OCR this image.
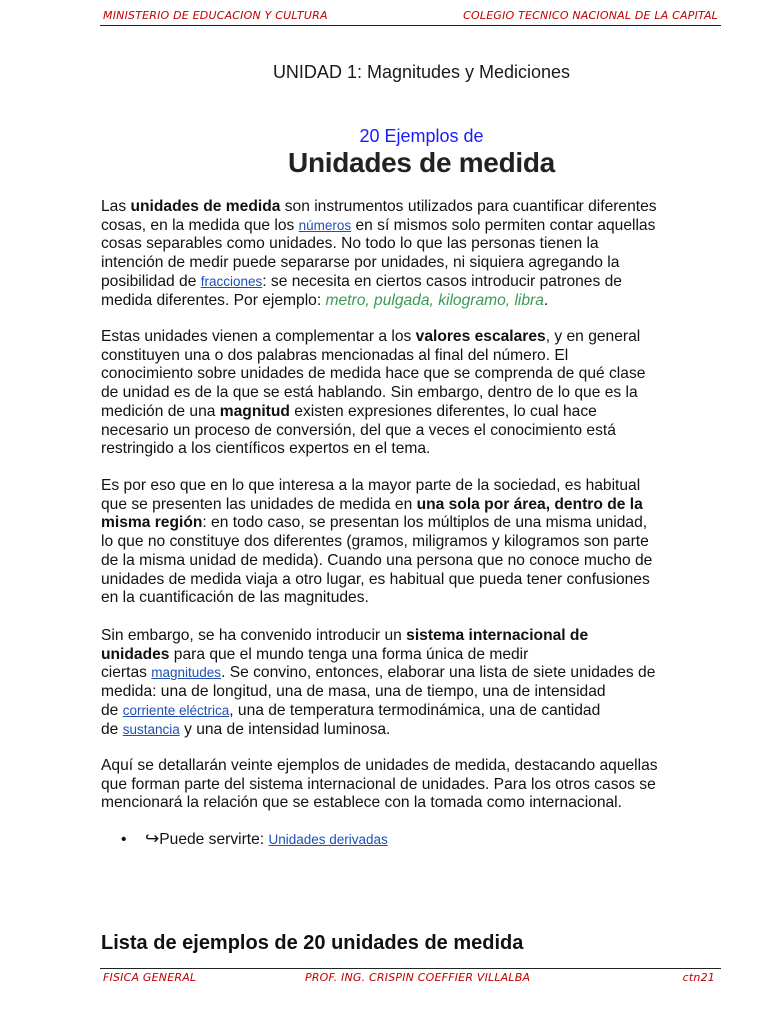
MINISTERIO DE EDUCACION Y CULTURA	COLEGIO TECNICO NACIONAL DE LA CAPITAL
UNIDAD 1: Magnitudes y Mediciones
20 Ejemplos de
Unidades de medida
Las unidades de medida son instrumentos utilizados para cuantificar diferentes
cosas, en la medida que los números en sí mismos solo permiten contar aquellas
cosas separables como unidades. No todo lo que las personas tienen la
intención de medir puede separarse por unidades, ni siquiera agregando la
posibilidad de fracciones: se necesita en ciertos casos introducir patrones de
medida diferentes. Por ejemplo: metro, pulgada, kilogramo, libra.
Estas unidades vienen a complementar a los valores escalares, y en general
constituyen una o dos palabras mencionadas al final del número. El
conocimiento sobre unidades de medida hace que se comprenda de qué clase
de unidad es de la que se está hablando. Sin embargo, dentro de lo que es la
medición de una magnitud existen expresiones diferentes, lo cual hace
necesario un proceso de conversión, del que a veces el conocimiento está
restringido a los científicos expertos en el tema.
Es por eso que en lo que interesa a la mayor parte de la sociedad, es habitual
que se presenten las unidades de medida en una sola por área, dentro de la
misma región: en todo caso, se presentan los múltiplos de una misma unidad,
lo que no constituye dos diferentes (gramos, miligramos y kilogramos son parte
de la misma unidad de medida). Cuando una persona que no conoce mucho de
unidades de medida viaja a otro lugar, es habitual que pueda tener confusiones
en la cuantificación de las magnitudes.
Sin embargo, se ha convenido introducir un sistema internacional de
unidades para que el mundo tenga una forma única de medir
ciertas magnitudes. Se convino, entonces, elaborar una lista de siete unidades de
medida: una de longitud, una de masa, una de tiempo, una de intensidad
de corriente eléctrica, una de temperatura termodinámica, una de cantidad
de sustancia y una de intensidad luminosa.
Aquí se detallarán veinte ejemplos de unidades de medida, destacando aquellas
que forman parte del sistema internacional de unidades. Para los otros casos se
mencionará la relación que se establece con la tomada como internacional.
• ↪Puede servirte: Unidades derivadas
Lista de ejemplos de 20 unidades de medida
FISICA GENERAL	PROF. ING. CRISPIN COEFFIER VILLALBA	ctn21
